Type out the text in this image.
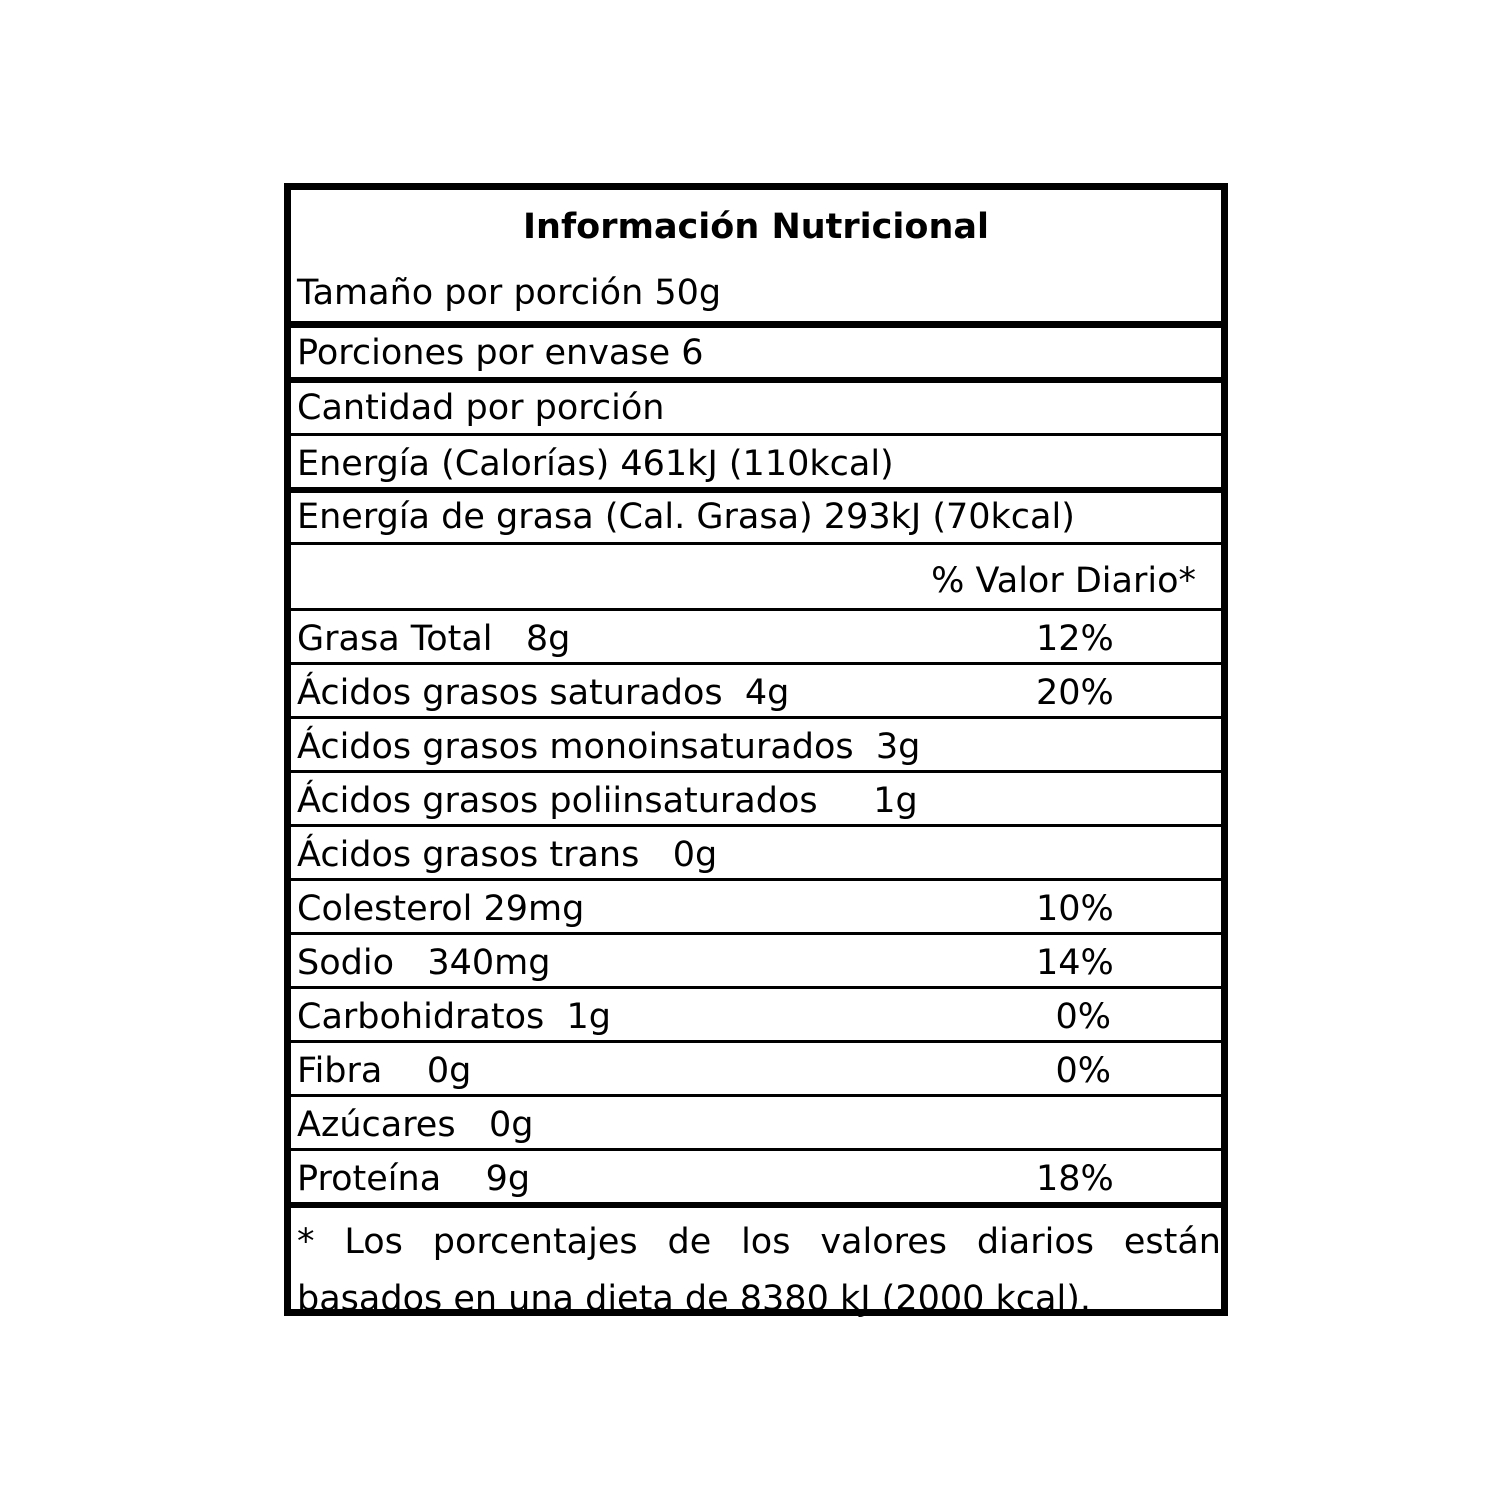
Información Nutricional
Tamaño por porción 50g
Porciones por envase 6
Cantidad por porción
Energía (Calorías) 461kJ (110kcal)
Energía de grasa (Cal. Grasa) 293kJ (70kcal)
% Valor Diario*
Grasa Total   8g	12%
Ácidos grasos saturados  4g	20%
Ácidos grasos monoinsaturados  3g
Ácidos grasos poliinsaturados     1g
Ácidos grasos trans   0g
Colesterol 29mg	10%
Sodio   340mg	14%
Carbohidratos  1g	0%
Fibra    0g	0%
Azúcares   0g
Proteína    9g	18%
* Los porcentajes de los valores diarios están basados en una dieta de 8380 kJ (2000 kcal).
